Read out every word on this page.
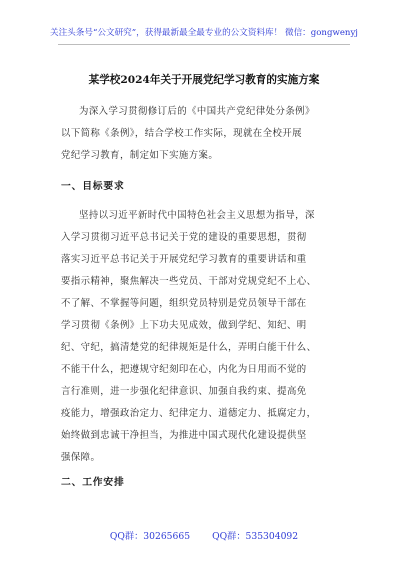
关注头条号“公文研究”，获得最新最全最专业的公文资料库！ 微信：gongwenyj
某学校2024年关于开展党纪学习教育的实施方案
为深入学习贯彻修订后的《中国共产党纪律处分条例》
以下简称《条例》，结合学校工作实际，现就在全校开展
党纪学习教育，制定如下实施方案。
一、目标要求
坚持以习近平新时代中国特色社会主义思想为指导，深
入学习贯彻习近平总书记关于党的建设的重要思想，贯彻
落实习近平总书记关于开展党纪学习教育的重要讲话和重
要指示精神，聚焦解决一些党员、干部对党规党纪不上心、
不了解、不掌握等问题，组织党员特别是党员领导干部在
学习贯彻《条例》上下功夫见成效，做到学纪、知纪、明
纪、守纪，搞清楚党的纪律规矩是什么，弄明白能干什么、
不能干什么，把遵规守纪刻印在心，内化为日用而不觉的
言行准则，进一步强化纪律意识、加强自我约束、提高免
疫能力，增强政治定力、纪律定力、道德定力、抵腐定力，
始终做到忠诚干净担当，为推进中国式现代化建设提供坚
强保障。
二、工作安排
QQ群：30265665 QQ群：535304092
